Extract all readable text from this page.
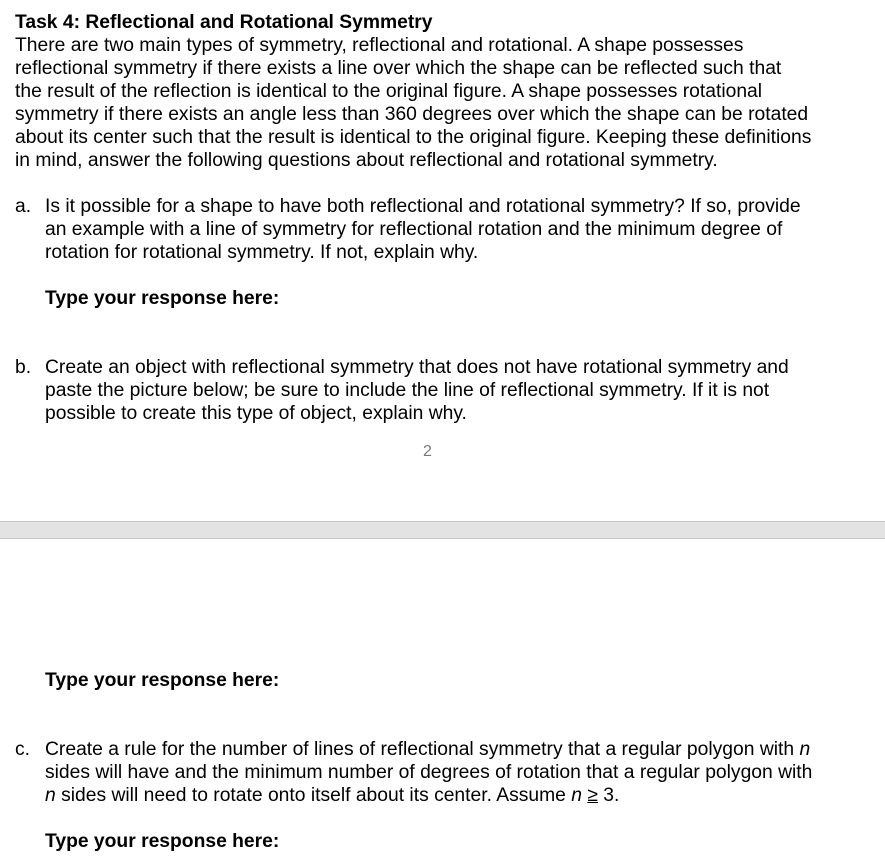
Task 4: Reflectional and Rotational Symmetry
There are two main types of symmetry, reflectional and rotational. A shape possesses
reflectional symmetry if there exists a line over which the shape can be reflected such that
the result of the reflection is identical to the original figure. A shape possesses rotational
symmetry if there exists an angle less than 360 degrees over which the shape can be rotated
about its center such that the result is identical to the original figure. Keeping these definitions
in mind, answer the following questions about reflectional and rotational symmetry.
a. Is it possible for a shape to have both reflectional and rotational symmetry? If so, provide
an example with a line of symmetry for reflectional rotation and the minimum degree of
rotation for rotational symmetry. If not, explain why.
Type your response here:
b. Create an object with reflectional symmetry that does not have rotational symmetry and
paste the picture below; be sure to include the line of reflectional symmetry. If it is not
possible to create this type of object, explain why.
2
Type your response here:
c. Create a rule for the number of lines of reflectional symmetry that a regular polygon with n
sides will have and the minimum number of degrees of rotation that a regular polygon with
n sides will need to rotate onto itself about its center. Assume n ≥ 3.
Type your response here:
